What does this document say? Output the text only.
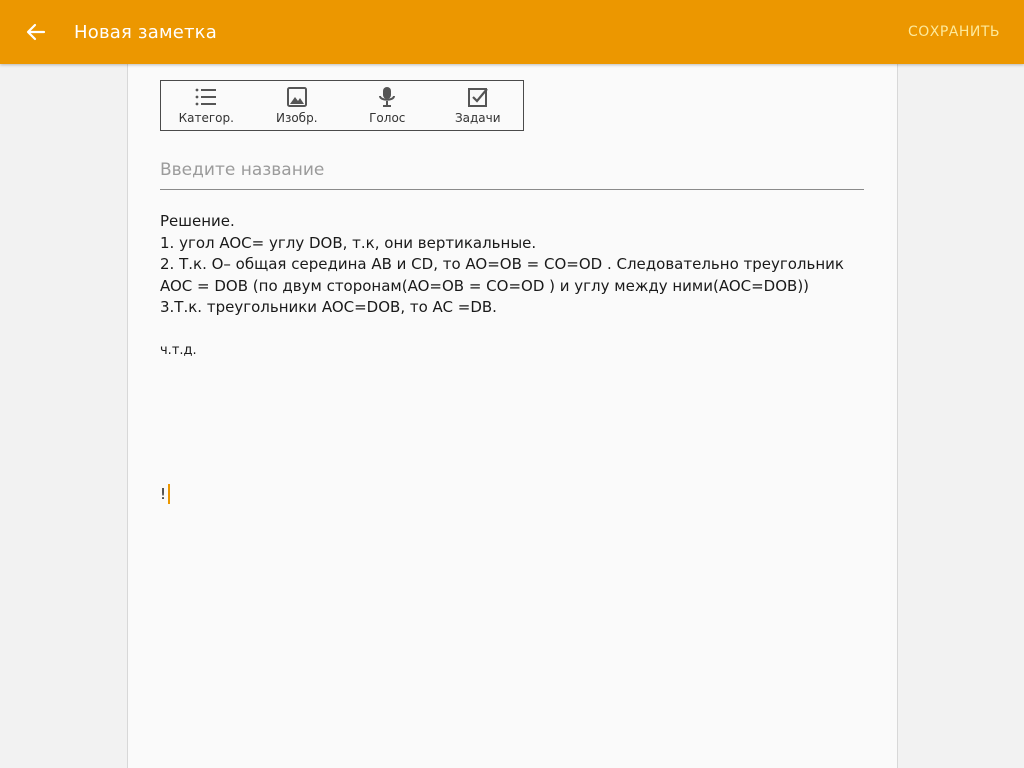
Новая заметка	СОХРАНИТЬ
Категор.	Изобр.	Голос	Задачи
Введите название

Решение.

1. угол AOC= углу DOB, т.к, они вертикальные.

2. Т.к. O– общая середина AB и CD, то AO=OB = CO=OD . Следовательно треугольник AOC = DOB (по двум сторонам(AO=OB = CO=OD ) и углу между ними(AOC=DOB))

3.Т.к. треугольники AOC=DOB, то AC =DB.

ч.т.д.

!
